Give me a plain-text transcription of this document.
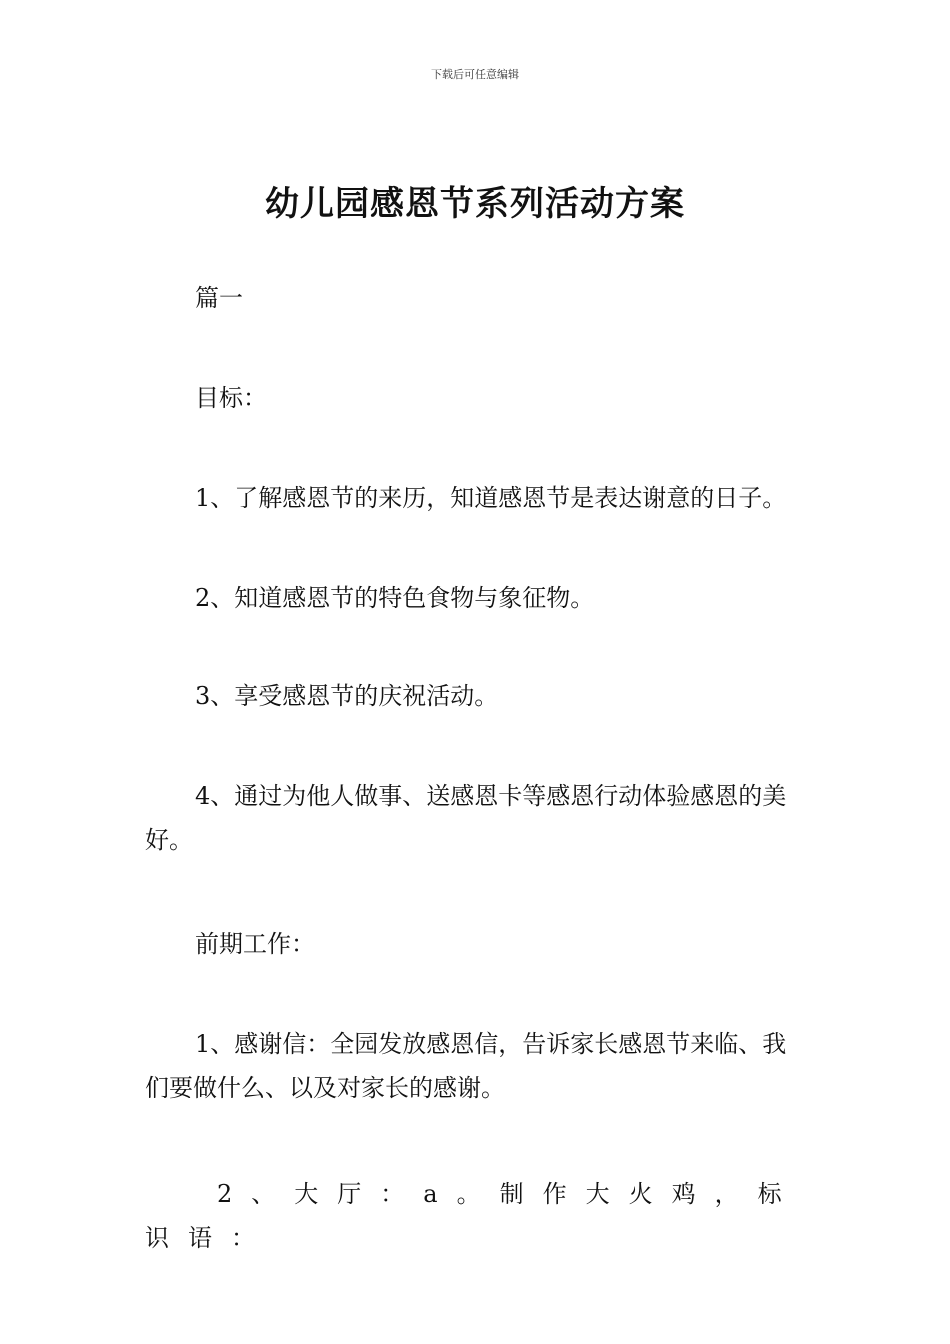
下载后可任意编辑
幼儿园感恩节系列活动方案

篇一

目标：

1、了解感恩节的来历，知道感恩节是表达谢意的日子。

2、知道感恩节的特色食物与象征物。

3、享受感恩节的庆祝活动。

4、通过为他人做事、送感恩卡等感恩行动体验感恩的美好。

前期工作：

1、感谢信：全园发放感恩信，告诉家长感恩节来临、我们要做什么、以及对家长的感谢。

2、大厅：a。制作大火鸡，标识语：
